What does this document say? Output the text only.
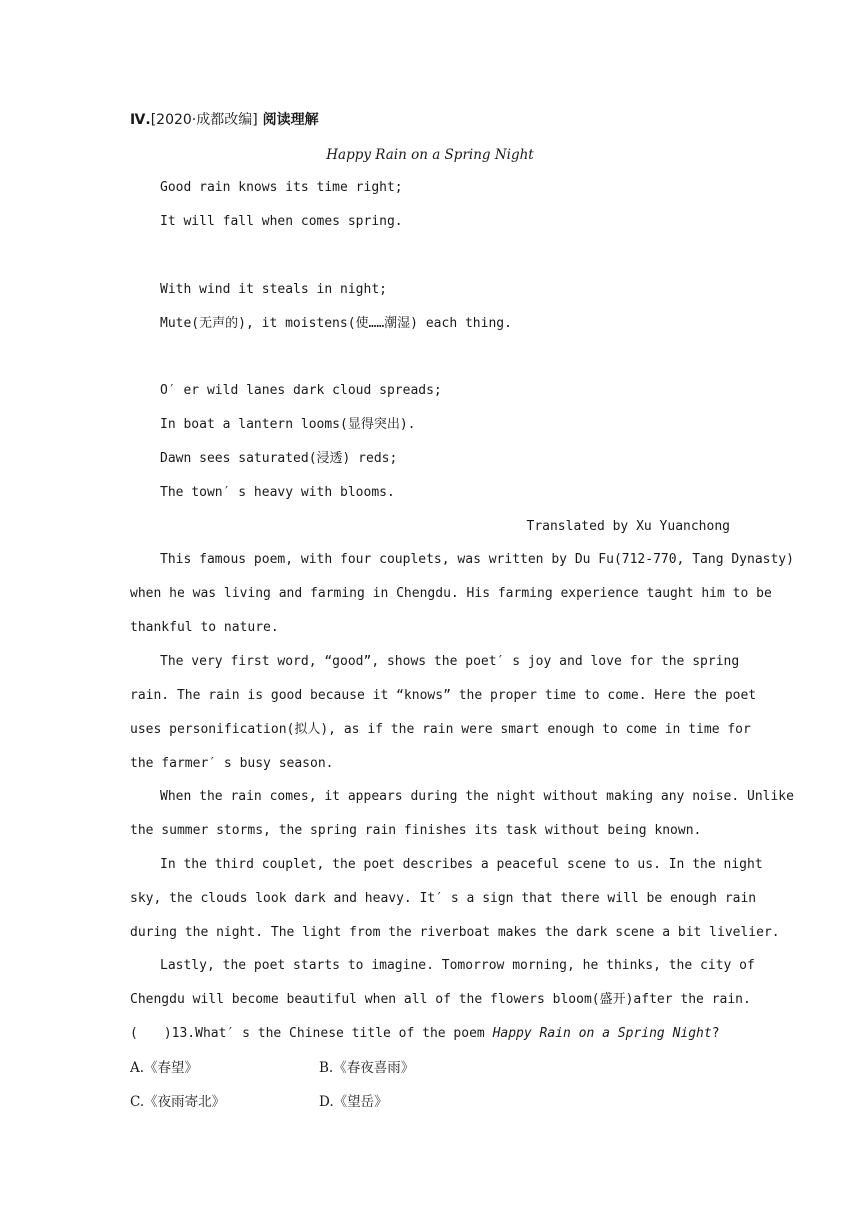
Ⅳ.[2020·成都改编] 阅读理解
Happy Rain on a Spring Night
Good rain knows its time right;
It will fall when comes spring.
With wind it steals in night;
Mute(无声的), it moistens(使……潮湿) each thing.
O′ er wild lanes dark cloud spreads;
In boat a lantern looms(显得突出).
Dawn sees saturated(浸透) reds;
The town′ s heavy with blooms.
Translated by Xu Yuanchong
This famous poem, with four couplets, was written by Du Fu(712-770, Tang Dynasty)
when he was living and farming in Chengdu. His farming experience taught him to be
thankful to nature.
The very first word, “good”, shows the poet′ s joy and love for the spring
rain. The rain is good because it “knows” the proper time to come. Here the poet
uses personification(拟人), as if the rain were smart enough to come in time for
the farmer′ s busy season.
When the rain comes, it appears during the night without making any noise. Unlike
the summer storms, the spring rain finishes its task without being known.
In the third couplet, the poet describes a peaceful scene to us. In the night
sky, the clouds look dark and heavy. It′ s a sign that there will be enough rain
during the night. The light from the riverboat makes the dark scene a bit livelier.
Lastly, the poet starts to imagine. Tomorrow morning, he thinks, the city of
Chengdu will become beautiful when all of the flowers bloom(盛开)after the rain.
(　　)13.What′ s the Chinese title of the poem Happy Rain on a Spring Night?
A.《春望》	B.《春夜喜雨》
C.《夜雨寄北》	D.《望岳》
